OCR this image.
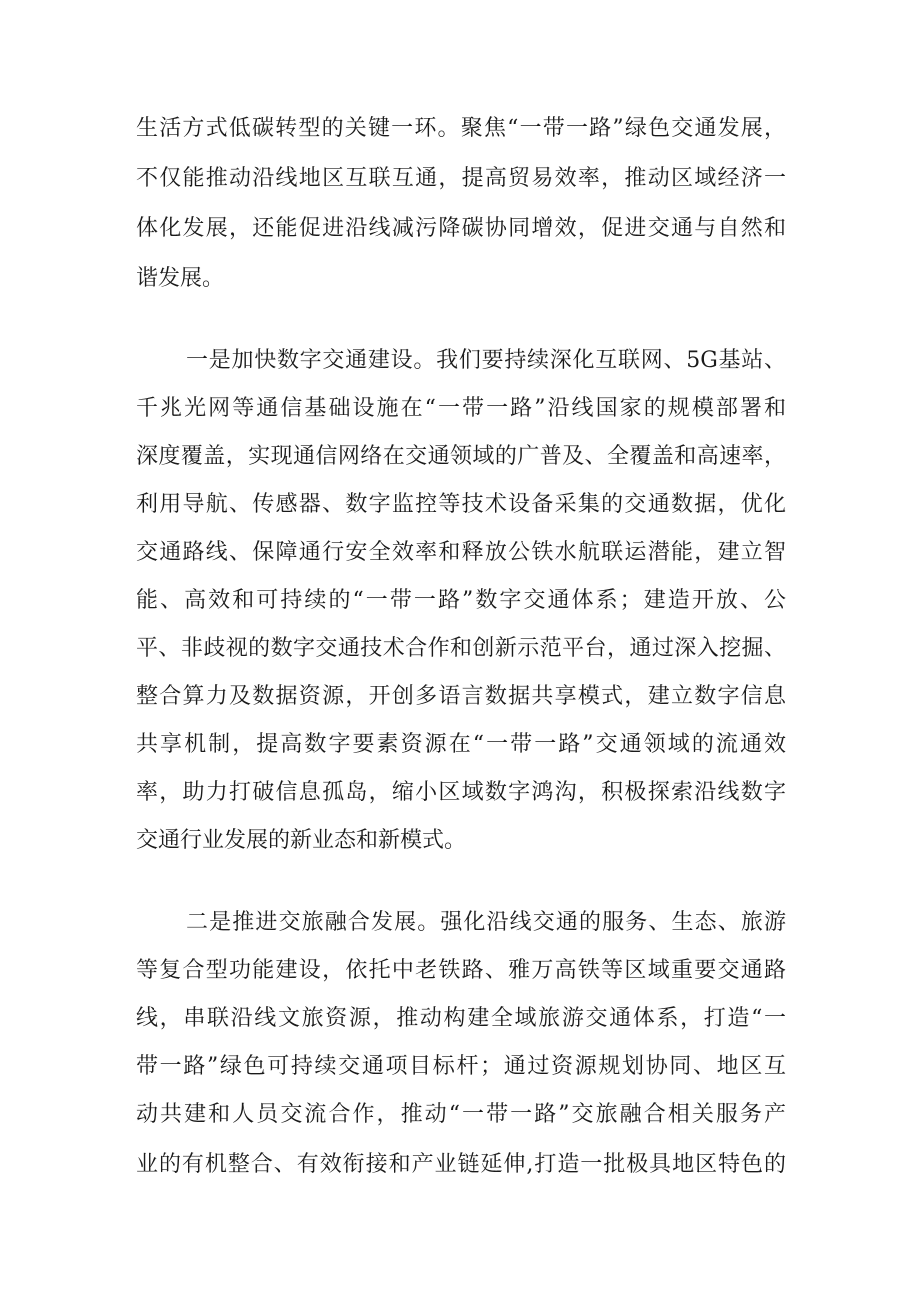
生活方式低碳转型的关键一环。聚焦“一带一路”绿色交通发展，
不仅能推动沿线地区互联互通，提高贸易效率，推动区域经济一
体化发展，还能促进沿线减污降碳协同增效，促进交通与自然和
谐发展。
一是加快数字交通建设。我们要持续深化互联网、5G基站、
千兆光网等通信基础设施在“一带一路”沿线国家的规模部署和
深度覆盖，实现通信网络在交通领域的广普及、全覆盖和高速率，
利用导航、传感器、数字监控等技术设备采集的交通数据，优化
交通路线、保障通行安全效率和释放公铁水航联运潜能，建立智
能、高效和可持续的“一带一路”数字交通体系；建造开放、公
平、非歧视的数字交通技术合作和创新示范平台，通过深入挖掘、
整合算力及数据资源，开创多语言数据共享模式，建立数字信息
共享机制，提高数字要素资源在“一带一路”交通领域的流通效
率，助力打破信息孤岛，缩小区域数字鸿沟，积极探索沿线数字
交通行业发展的新业态和新模式。
二是推进交旅融合发展。强化沿线交通的服务、生态、旅游
等复合型功能建设，依托中老铁路、雅万高铁等区域重要交通路
线，串联沿线文旅资源，推动构建全域旅游交通体系，打造“一
带一路”绿色可持续交通项目标杆；通过资源规划协同、地区互
动共建和人员交流合作，推动“一带一路”交旅融合相关服务产
业的有机整合、有效衔接和产业链延伸,打造一批极具地区特色的
